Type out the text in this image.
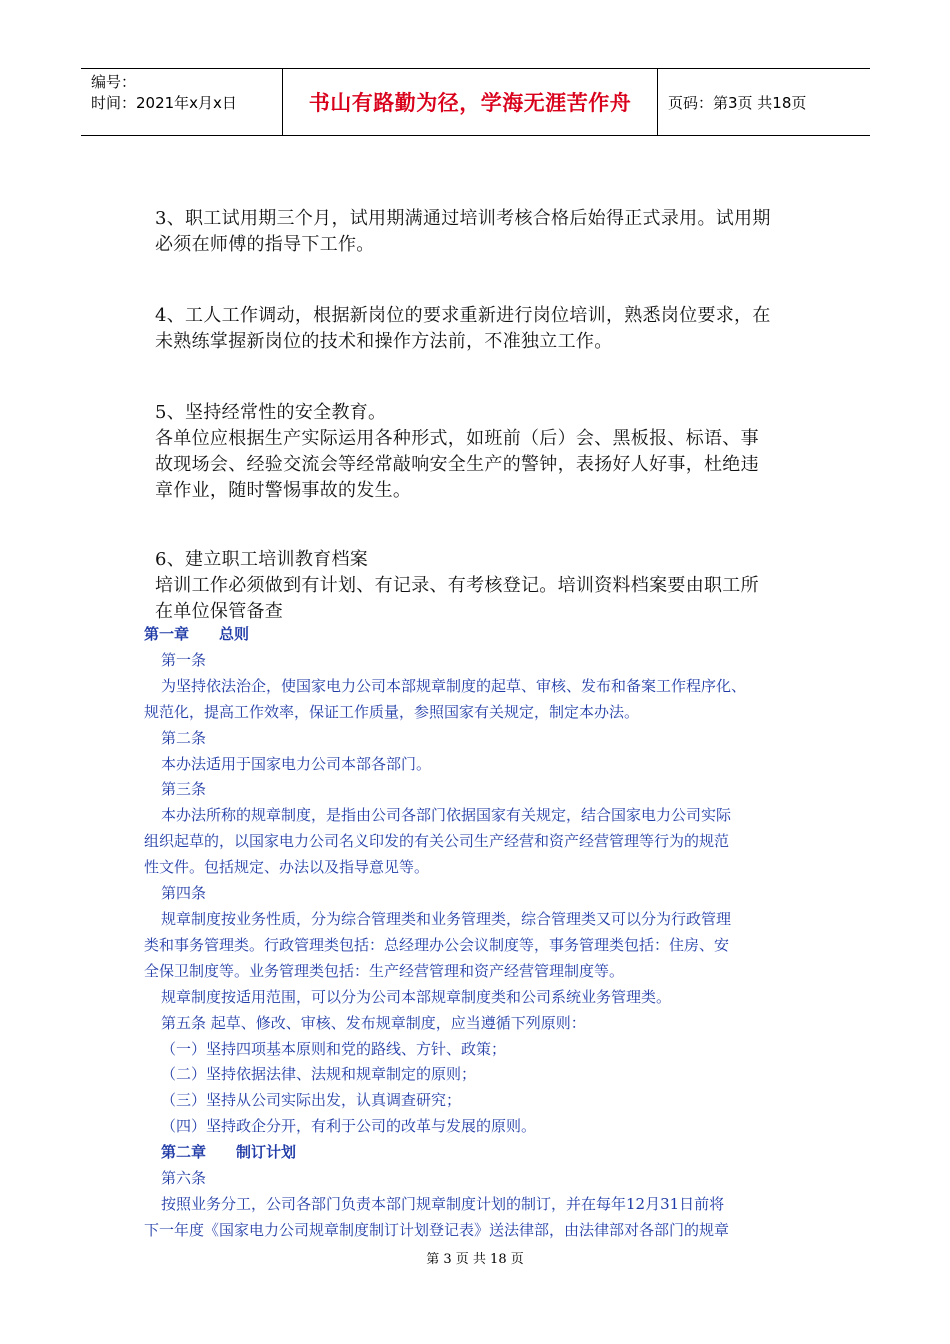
编号：
时间：2021年x月x日	书山有路勤为径，学海无涯苦作舟 页码：第3页 共18页

3、职工试用期三个月，试用期满通过培训考核合格后始得正式录用。试用期

必须在师傅的指导下工作。

4、工人工作调动，根据新岗位的要求重新进行岗位培训，熟悉岗位要求，在

未熟练掌握新岗位的技术和操作方法前，不准独立工作。

5、坚持经常性的安全教育。

各单位应根据生产实际运用各种形式，如班前（后）会、黑板报、标语、事

故现场会、经验交流会等经常敲响安全生产的警钟，表扬好人好事，杜绝违

章作业，随时警惕事故的发生。

6、建立职工培训教育档案

培训工作必须做到有计划、有记录、有考核登记。培训资料档案要由职工所

在单位保管备查

第一章　　总则

第一条

为坚持依法治企，使国家电力公司本部规章制度的起草、审核、发布和备案工作程序化、

规范化，提高工作效率，保证工作质量，参照国家有关规定，制定本办法。

第二条

本办法适用于国家电力公司本部各部门。

第三条

本办法所称的规章制度，是指由公司各部门依据国家有关规定，结合国家电力公司实际

组织起草的，以国家电力公司名义印发的有关公司生产经营和资产经营管理等行为的规范

性文件。包括规定、办法以及指导意见等。

第四条

规章制度按业务性质，分为综合管理类和业务管理类，综合管理类又可以分为行政管理

类和事务管理类。行政管理类包括：总经理办公会议制度等，事务管理类包括：住房、安

全保卫制度等。业务管理类包括：生产经营管理和资产经营管理制度等。

规章制度按适用范围，可以分为公司本部规章制度类和公司系统业务管理类。

第五条 起草、修改、审核、发布规章制度，应当遵循下列原则：

（一）坚持四项基本原则和党的路线、方针、政策；

（二）坚持依据法律、法规和规章制定的原则；

（三）坚持从公司实际出发，认真调查研究；

（四）坚持政企分开，有利于公司的改革与发展的原则。

第二章　　制订计划

第六条

按照业务分工，公司各部门负责本部门规章制度计划的制订，并在每年12月31日前将

下一年度《国家电力公司规章制度制订计划登记表》送法律部，由法律部对各部门的规章

第 3 页 共 18 页
